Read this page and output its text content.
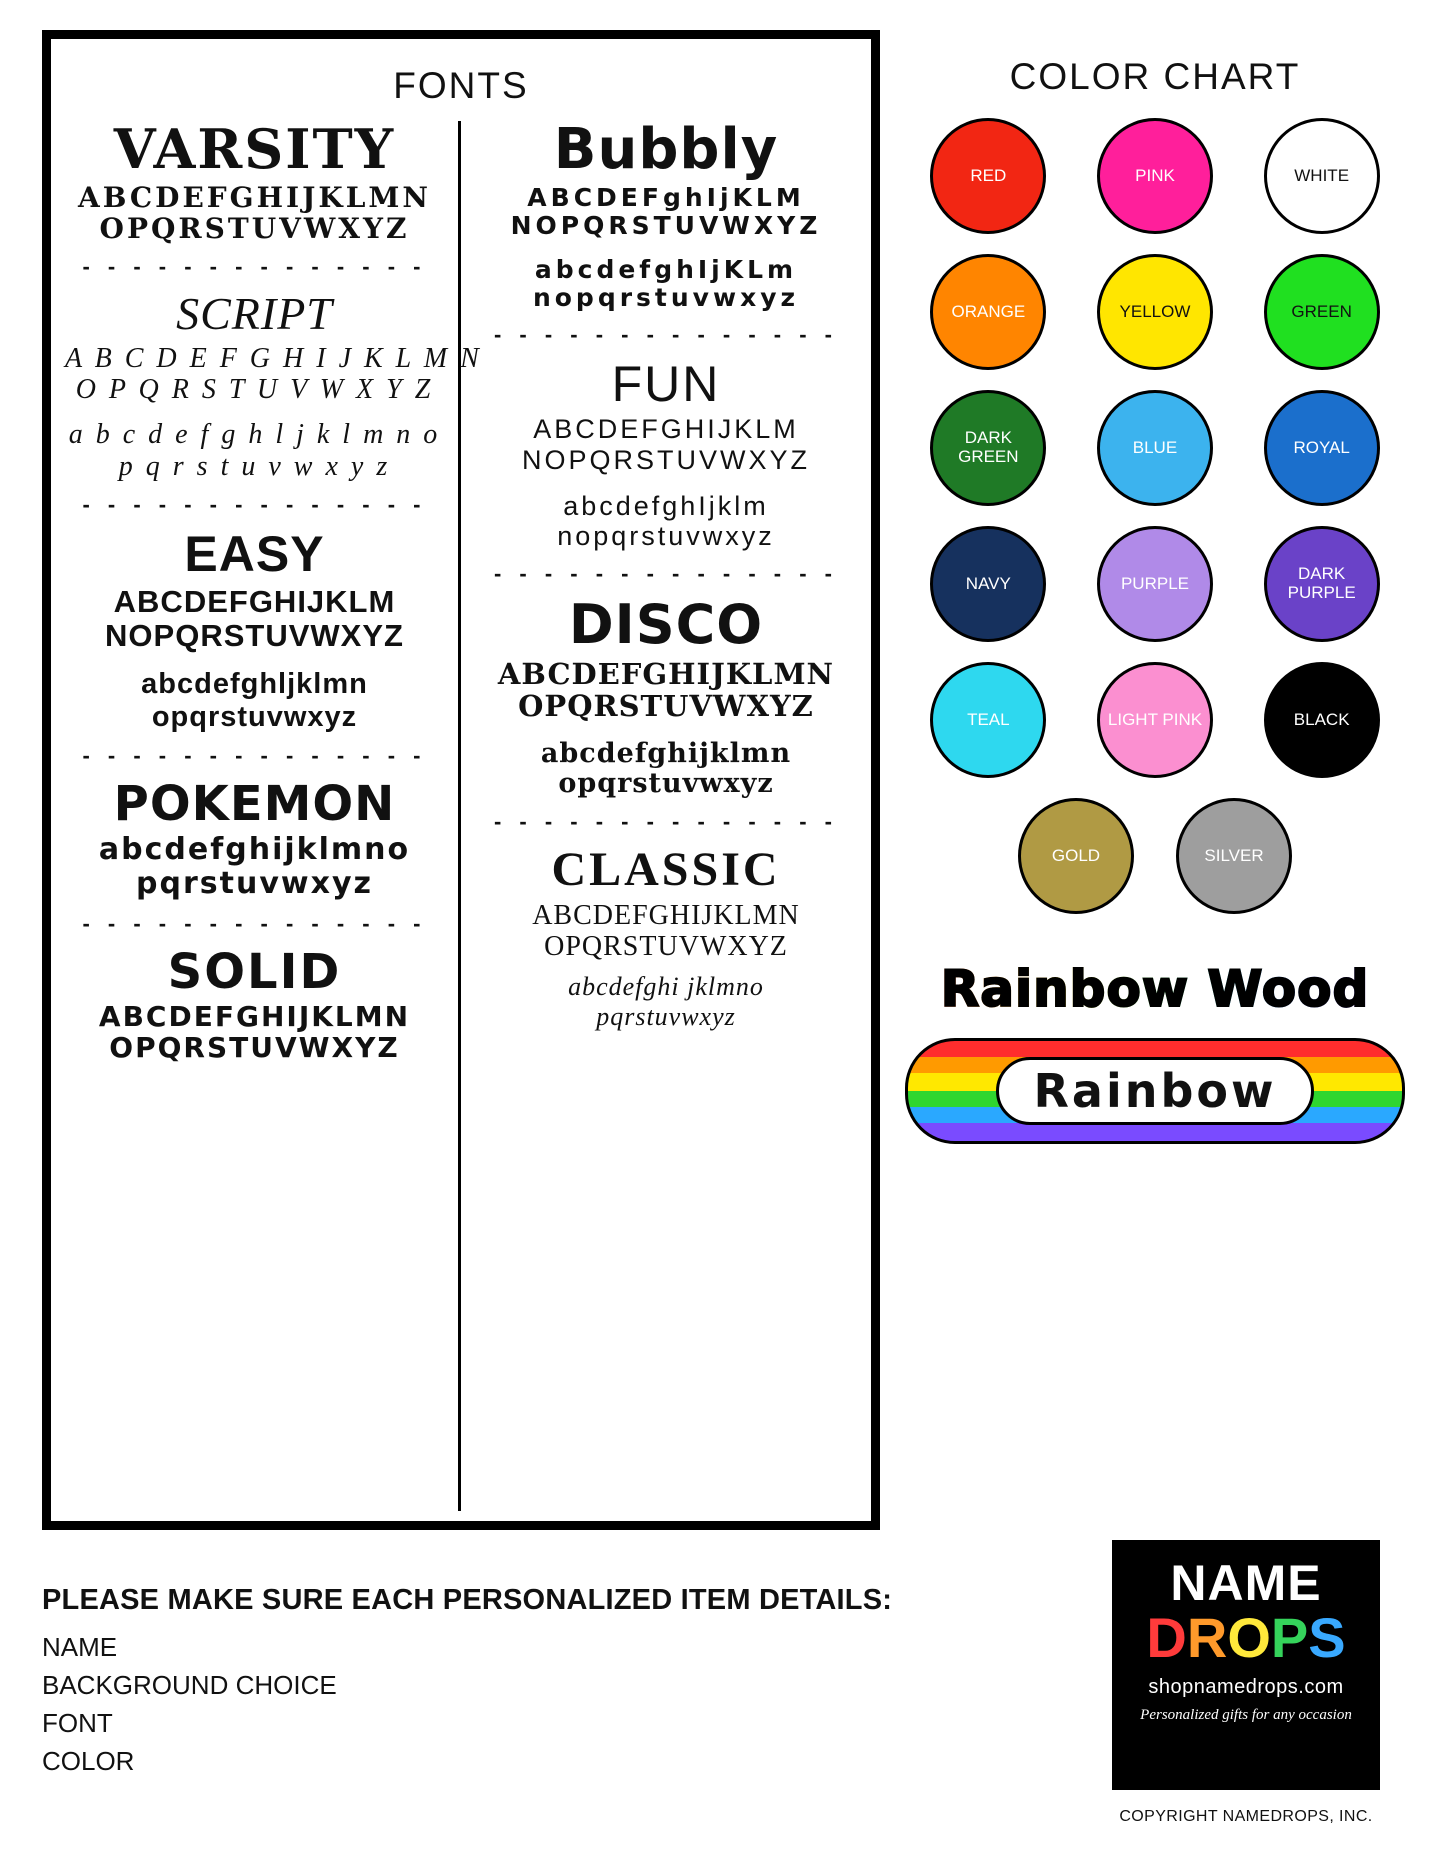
FONTS
VARSITY
ABCDEFGHIJKLMN
OPQRSTUVWXYZ
- - - - - - - - - - - - - -
SCRIPT
A B C D E F G H I J K L M N
O P Q R S T U V W X Y Z
a b c d e f g h l j k l m n o
p q r s t u v w x y z
- - - - - - - - - - - - - -
EASY
ABCDEFGHIJKLM
NOPQRSTUVWXYZ
abcdefghljklmn
opqrstuvwxyz
- - - - - - - - - - - - - -
POKEMON
abcdefghijklmno
pqrstuvwxyz
- - - - - - - - - - - - - -
SOLID
ABCDEFGHIJKLMN
OPQRSTUVWXYZ
Bubbly
ABCDEFghIjKLM
NOPQRSTUVWXYZ
abcdefghIjKLm
nopqrstuvwxyz
- - - - - - - - - - - - - -
FUN
ABCDEFGHIJKLM
NOPQRSTUVWXYZ
abcdefghIjklm
nopqrstuvwxyz
- - - - - - - - - - - - - -
DISCO
ABCDEFGHIJKLMN
OPQRSTUVWXYZ
abcdefghijklmn
opqrstuvwxyz
- - - - - - - - - - - - - -
CLASSIC
ABCDEFGHIJKLMN
OPQRSTUVWXYZ
abcdefghi jklmno
pqrstuvwxyz
COLOR CHART
RED	PINK	WHITE
ORANGE	YELLOW	GREEN
DARK GREEN	BLUE	ROYAL
NAVY	PURPLE	DARK PURPLE
TEAL	LIGHT PINK	BLACK
GOLD	SILVER
Rainbow Wood
Rainbow
PLEASE MAKE SURE EACH PERSONALIZED ITEM DETAILS:
NAME
BACKGROUND CHOICE
FONT
COLOR
NAME
DROPS
shopnamedrops.com
Personalized gifts for any occasion
COPYRIGHT NAMEDROPS, INC.
